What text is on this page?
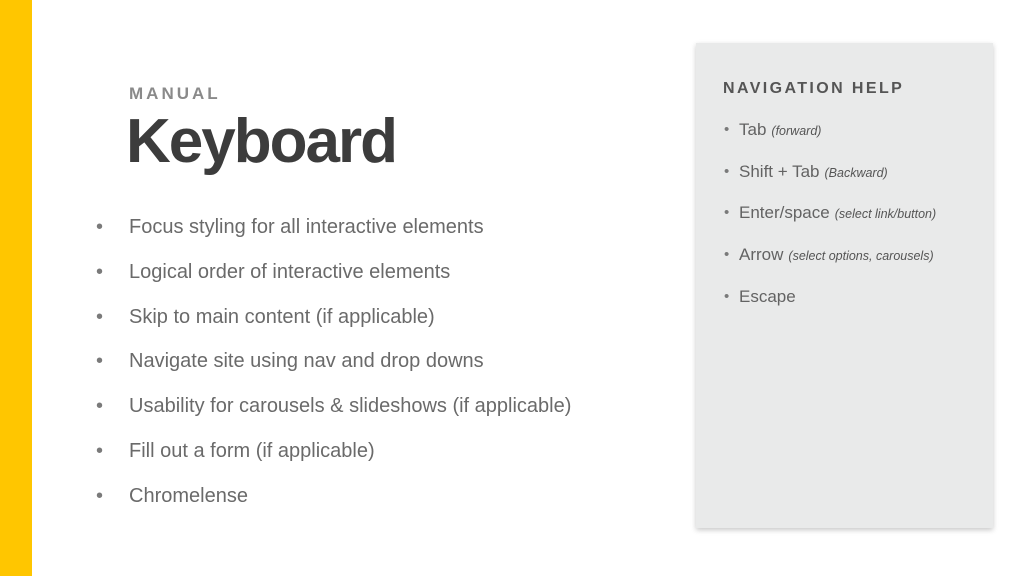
MANUAL
Keyboard
• Focus styling for all interactive elements
• Logical order of interactive elements
• Skip to main content (if applicable)
• Navigate site using nav and drop downs
• Usability for carousels & slideshows (if applicable)
• Fill out a form (if applicable)
• Chromelense
NAVIGATION HELP
• Tab (forward)
• Shift + Tab (Backward)
• Enter/space (select link/button)
• Arrow (select options, carousels)
• Escape
